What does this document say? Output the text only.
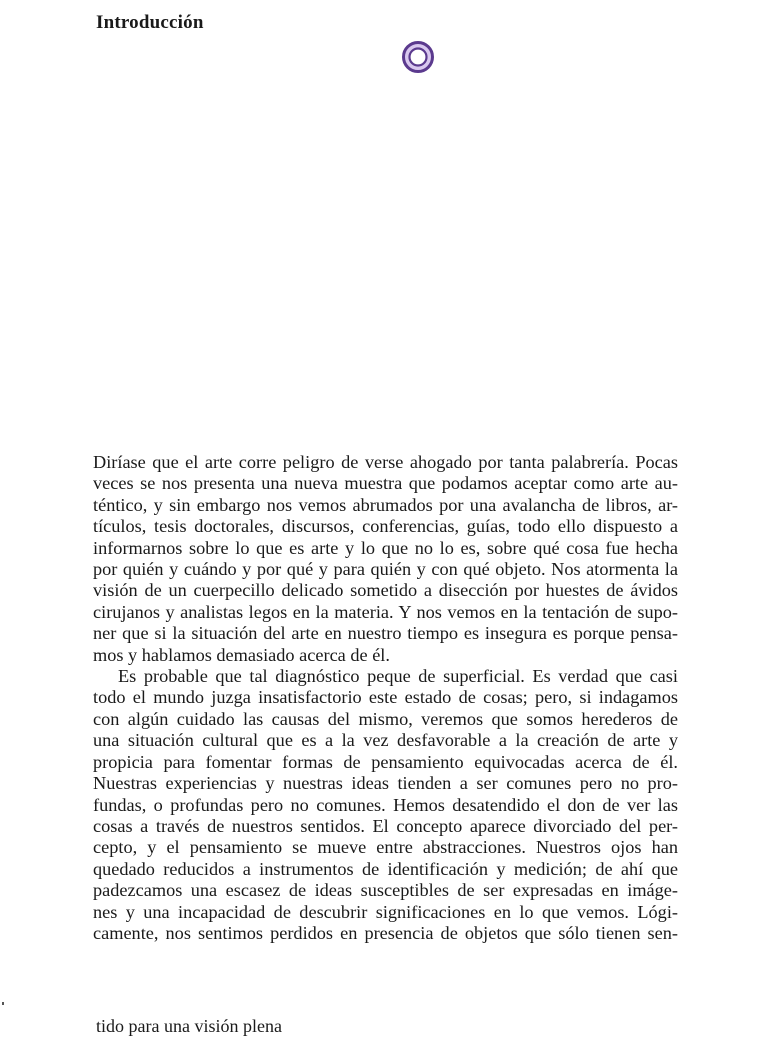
Introducción
Diríase que el arte corre peligro de verse ahogado por tanta palabrería. Pocas
veces se nos presenta una nueva muestra que podamos aceptar como arte au-
téntico, y sin embargo nos vemos abrumados por una avalancha de libros, ar-
tículos, tesis doctorales, discursos, conferencias, guías, todo ello dispuesto a
informarnos sobre lo que es arte y lo que no lo es, sobre qué cosa fue hecha
por quién y cuándo y por qué y para quién y con qué objeto. Nos atormenta la
visión de un cuerpecillo delicado sometido a disección por huestes de ávidos
cirujanos y analistas legos en la materia. Y nos vemos en la tentación de supo-
ner que si la situación del arte en nuestro tiempo es insegura es porque pensa-
mos y hablamos demasiado acerca de él.
Es probable que tal diagnóstico peque de superficial. Es verdad que casi
todo el mundo juzga insatisfactorio este estado de cosas; pero, si indagamos
con algún cuidado las causas del mismo, veremos que somos herederos de
una situación cultural que es a la vez desfavorable a la creación de arte y
propicia para fomentar formas de pensamiento equivocadas acerca de él.
Nuestras experiencias y nuestras ideas tienden a ser comunes pero no pro-
fundas, o profundas pero no comunes. Hemos desatendido el don de ver las
cosas a través de nuestros sentidos. El concepto aparece divorciado del per-
cepto, y el pensamiento se mueve entre abstracciones. Nuestros ojos han
quedado reducidos a instrumentos de identificación y medición; de ahí que
padezcamos una escasez de ideas susceptibles de ser expresadas en imáge-
nes y una incapacidad de descubrir significaciones en lo que vemos. Lógi-
camente, nos sentimos perdidos en presencia de objetos que sólo tienen sen-
tido para una visión plena
